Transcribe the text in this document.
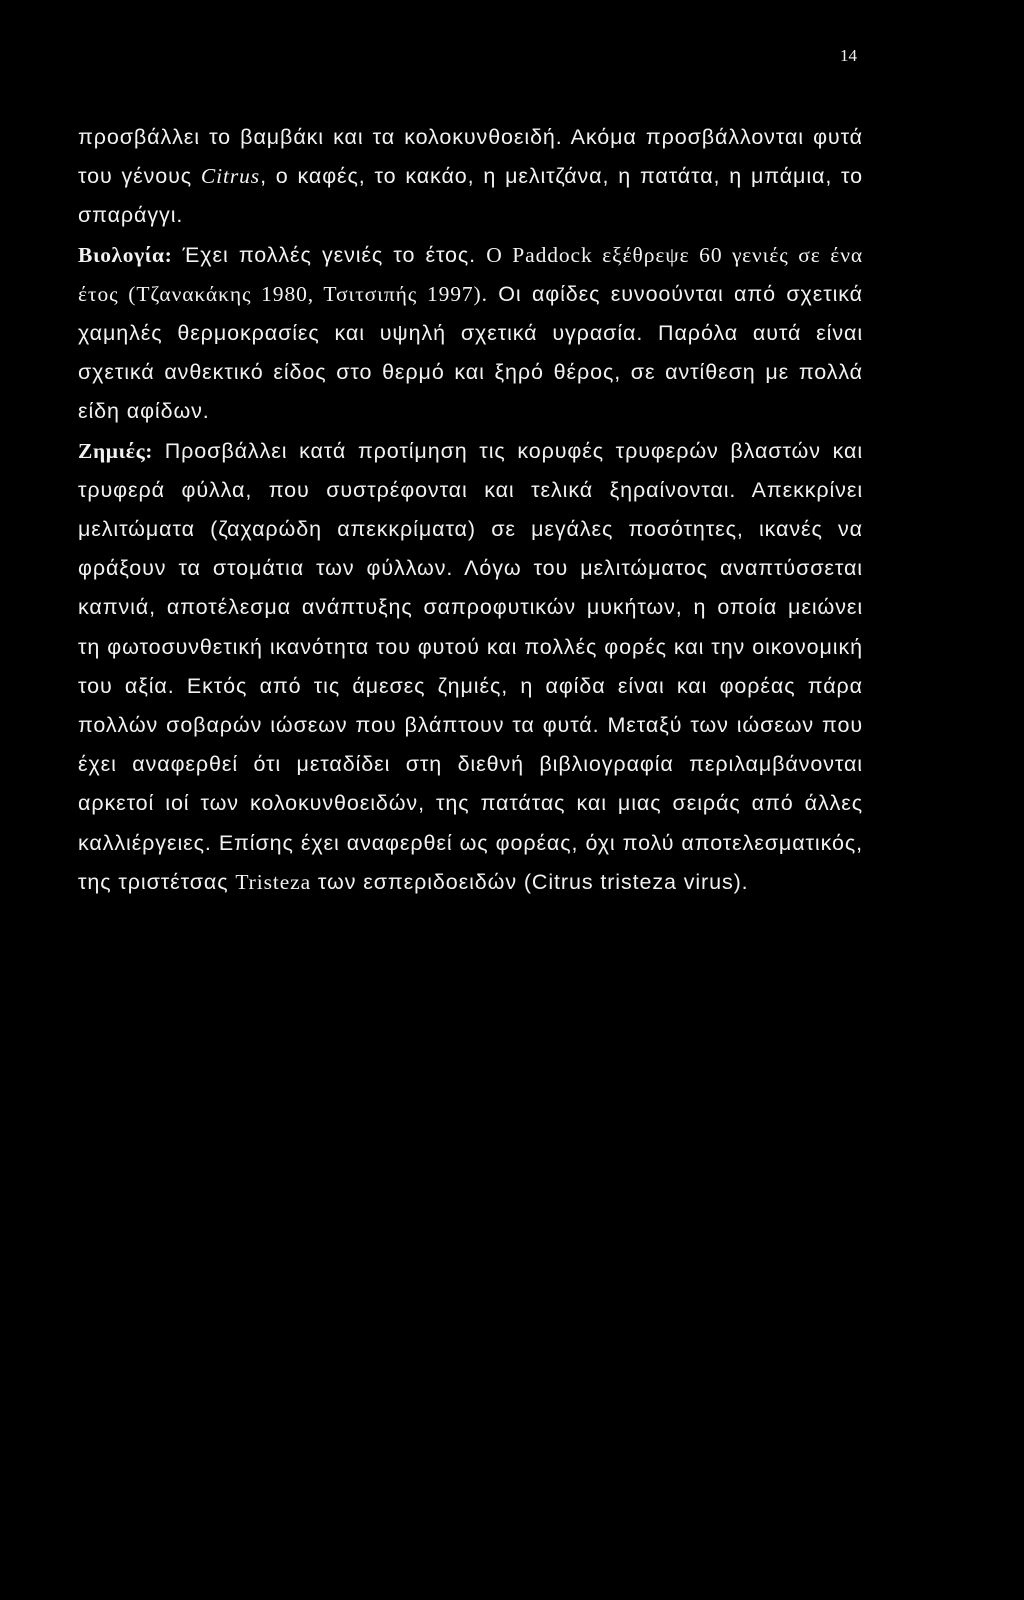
14

προσβάλλει το βαμβάκι και τα κολοκυνθοειδή. Ακόμα προσβάλλονται φυτά του γένους Citrus, ο καφές, το κακάο, η μελιτζάνα, η πατάτα, η μπάμια, το σπαράγγι.

Βιολογία: Έχει πολλές γενιές το έτος. Ο Paddock εξέθρεψε 60 γενιές σε ένα έτος (Τζανακάκης 1980, Τσιτσιπής 1997). Οι αφίδες ευνοούνται από σχετικά χαμηλές θερμοκρασίες και υψηλή σχετικά υγρασία. Παρόλα αυτά είναι σχετικά ανθεκτικό είδος στο θερμό και ξηρό θέρος, σε αντίθεση με πολλά είδη αφίδων.

Ζημιές: Προσβάλλει κατά προτίμηση τις κορυφές τρυφερών βλαστών και τρυφερά φύλλα, που συστρέφονται και τελικά ξηραίνονται. Απεκκρίνει μελιτώματα (ζαχαρώδη απεκκρίματα) σε μεγάλες ποσότητες, ικανές να φράξουν τα στομάτια των φύλλων. Λόγω του μελιτώματος αναπτύσσεται καπνιά, αποτέλεσμα ανάπτυξης σαπροφυτικών μυκήτων, η οποία μειώνει τη φωτοσυνθετική ικανότητα του φυτού και πολλές φορές και την οικονομική του αξία. Εκτός από τις άμεσες ζημιές, η αφίδα είναι και φορέας πάρα πολλών σοβαρών ιώσεων που βλάπτουν τα φυτά. Μεταξύ των ιώσεων που έχει αναφερθεί ότι μεταδίδει στη διεθνή βιβλιογραφία περιλαμβάνονται αρκετοί ιοί των κολοκυνθοειδών, της πατάτας και μιας σειράς από άλλες καλλιέργειες. Επίσης έχει αναφερθεί ως φορέας, όχι πολύ αποτελεσματικός, της τριστέτσας Tristeza των εσπεριδοειδών (Citrus tristeza virus).
